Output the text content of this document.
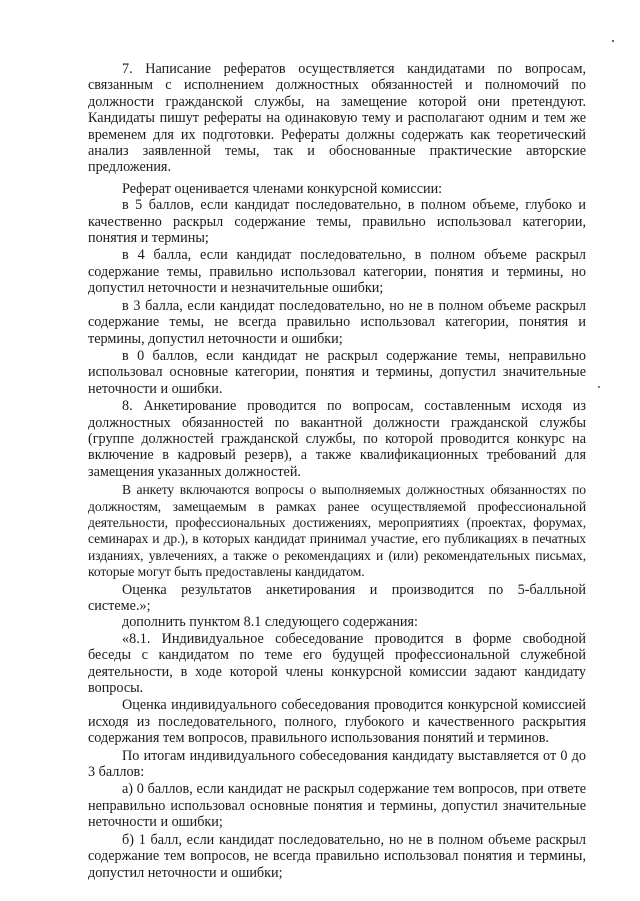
7. Написание рефератов осуществляется кандидатами по вопросам, связанным с исполнением должностных обязанностей и полномочий по должности гражданской службы, на замещение которой они претендуют. Кандидаты пишут рефераты на одинаковую тему и располагают одним и тем же временем для их подготовки. Рефераты должны содержать как теоретический анализ заявленной темы, так и обоснованные практические авторские предложения.

Реферат оценивается членами конкурсной комиссии:

в 5 баллов, если кандидат последовательно, в полном объеме, глубоко и качественно раскрыл содержание темы, правильно использовал категории, понятия и термины;

в 4 балла, если кандидат последовательно, в полном объеме раскрыл содержание темы, правильно использовал категории, понятия и термины, но допустил неточности и незначительные ошибки;

в 3 балла, если кандидат последовательно, но не в полном объеме раскрыл содержание темы, не всегда правильно использовал категории, понятия и термины, допустил неточности и ошибки;

в 0 баллов, если кандидат не раскрыл содержание темы, неправильно использовал основные категории, понятия и термины, допустил значительные неточности и ошибки.

8. Анкетирование проводится по вопросам, составленным исходя из должностных обязанностей по вакантной должности гражданской службы (группе должностей гражданской службы, по которой проводится конкурс на включение в кадровый резерв), а также квалификационных требований для замещения указанных должностей.

В анкету включаются вопросы о выполняемых должностных обязанностях по должностям, замещаемым в рамках ранее осуществляемой профессиональной деятельности, профессиональных достижениях, мероприятиях (проектах, форумах, семинарах и др.), в которых кандидат принимал участие, его публикациях в печатных изданиях, увлечениях, а также о рекомендациях и (или) рекомендательных письмах, которые могут быть предоставлены кандидатом.

Оценка результатов анкетирования и производится по 5-балльной системе.»;

дополнить пунктом 8.1 следующего содержания:

«8.1. Индивидуальное собеседование проводится в форме свободной беседы с кандидатом по теме его будущей профессиональной служебной деятельности, в ходе которой члены конкурсной комиссии задают кандидату вопросы.

Оценка индивидуального собеседования проводится конкурсной комиссией исходя из последовательного, полного, глубокого и качественного раскрытия содержания тем вопросов, правильного использования понятий и терминов.

По итогам индивидуального собеседования кандидату выставляется от 0 до 3 баллов:

а) 0 баллов, если кандидат не раскрыл содержание тем вопросов, при ответе неправильно использовал основные понятия и термины, допустил значительные неточности и ошибки;

б) 1 балл, если кандидат последовательно, но не в полном объеме раскрыл содержание тем вопросов, не всегда правильно использовал понятия и термины, допустил неточности и ошибки;
